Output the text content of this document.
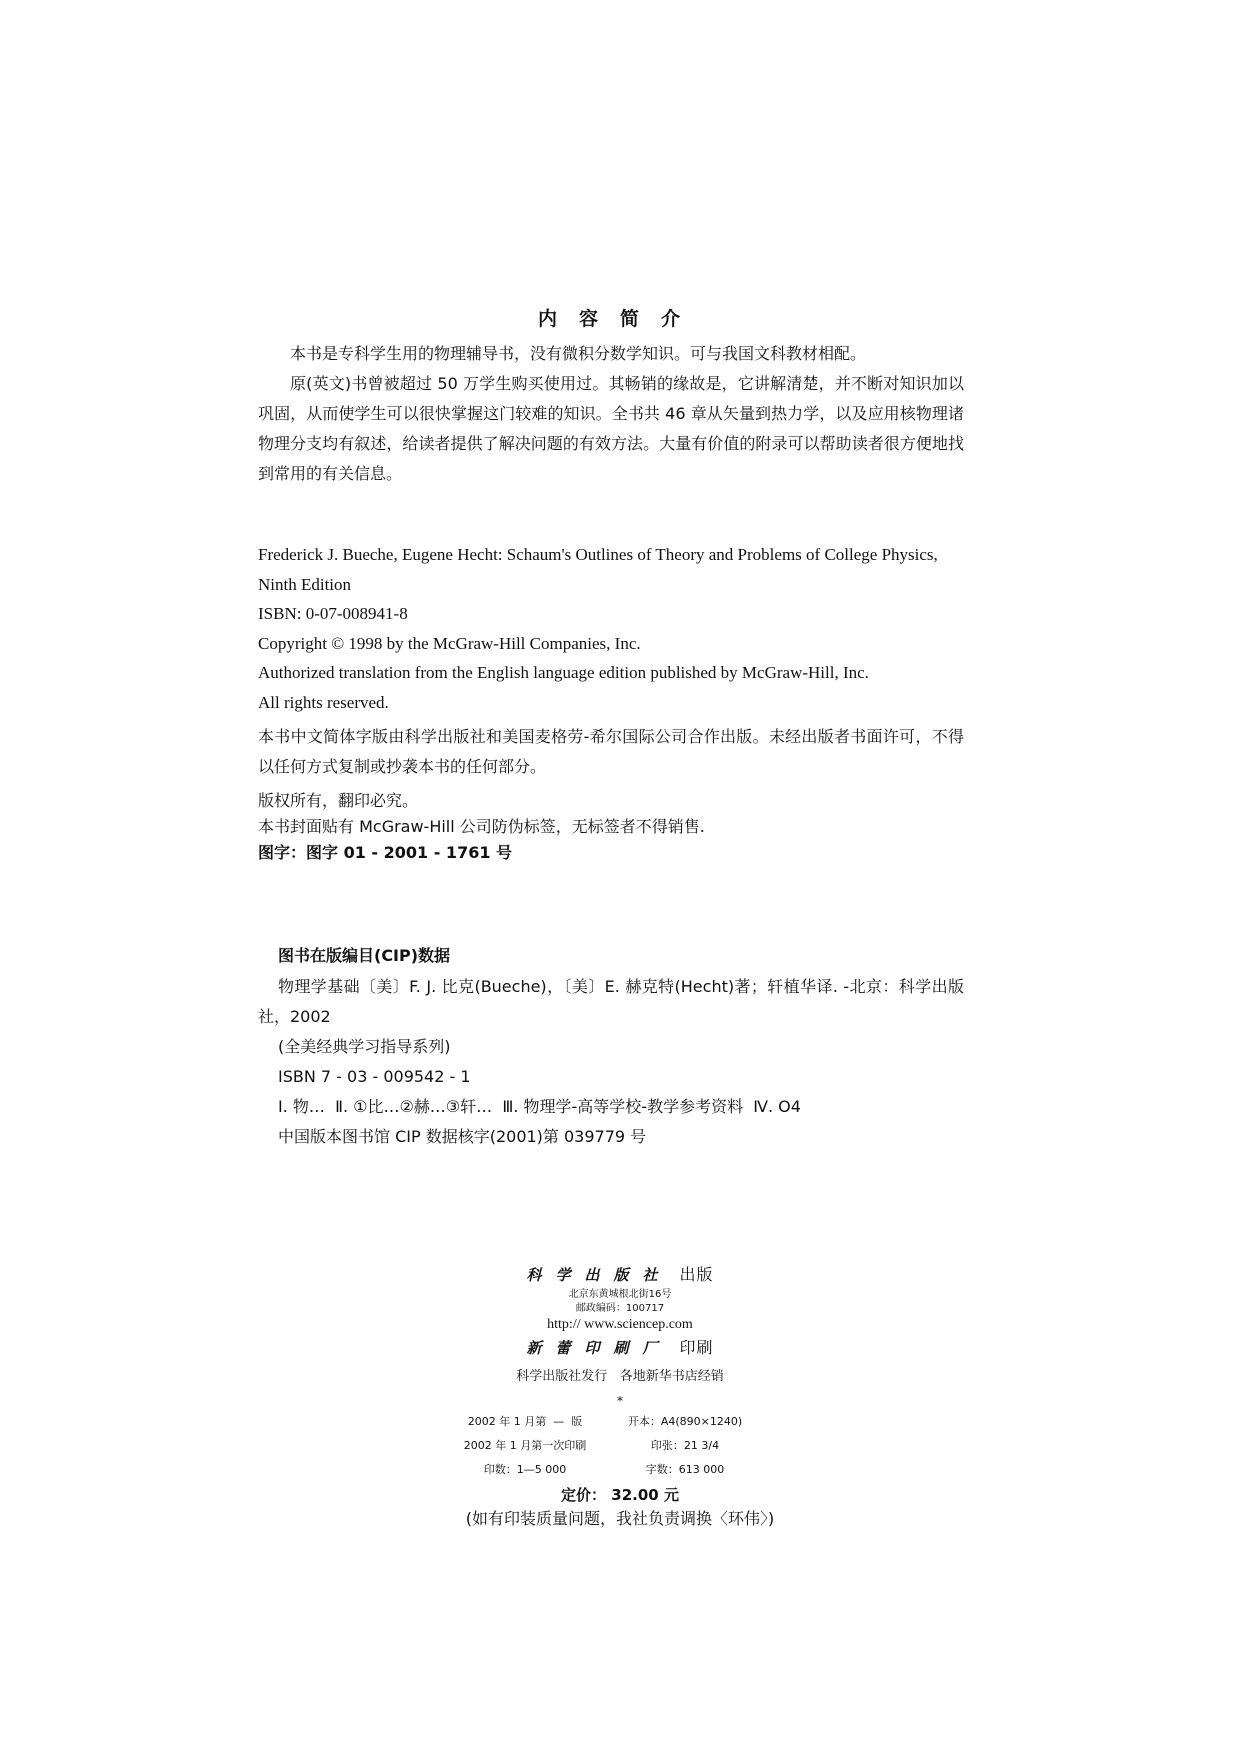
内容简介

本书是专科学生用的物理辅导书，没有微积分数学知识。可与我国文科教材相配。

原(英文)书曾被超过 50 万学生购买使用过。其畅销的缘故是，它讲解清楚，并不断对知识加以巩固，从而使学生可以很快掌握这门较难的知识。全书共 46 章从矢量到热力学，以及应用核物理诸物理分支均有叙述，给读者提供了解决问题的有效方法。大量有价值的附录可以帮助读者很方便地找到常用的有关信息。

Frederick J. Bueche, Eugene Hecht: Schaum's Outlines of Theory and Problems of College Physics, Ninth Edition

ISBN: 0-07-008941-8

Copyright © 1998 by the McGraw-Hill Companies, Inc.

Authorized translation from the English language edition published by McGraw-Hill, Inc.

All rights reserved.

本书中文简体字版由科学出版社和美国麦格劳-希尔国际公司合作出版。未经出版者书面许可，不得以任何方式复制或抄袭本书的任何部分。

版权所有，翻印必究。

本书封面贴有 McGraw-Hill 公司防伪标签，无标签者不得销售.

图字：图字 01 - 2001 - 1761 号

图书在版编目(CIP)数据

物理学基础〔美〕F. J. 比克(Bueche)，〔美〕E. 赫克特(Hecht)著；轩植华译. -北京：科学出版社，2002

(全美经典学习指导系列)

ISBN 7 - 03 - 009542 - 1

Ⅰ. 物…  Ⅱ. ①比…②赫…③轩…  Ⅲ. 物理学-高等学校-教学参考资料  Ⅳ. O4

中国版本图书馆 CIP 数据核字(2001)第 039779 号

科学出版社 出版
北京东黄城根北街16号
邮政编码：100717
http:// www.sciencep.com
新蕾印刷厂 印刷
科学出版社发行   各地新华书店经销
*
2002 年 1 月第  —  版	开本：A4(890×1240)
2002 年 1 月第一次印刷	印张：21 3/4
印数：1—5 000	字数：613 000
定价： 32.00 元
(如有印装质量问题，我社负责调换〈环伟〉)
